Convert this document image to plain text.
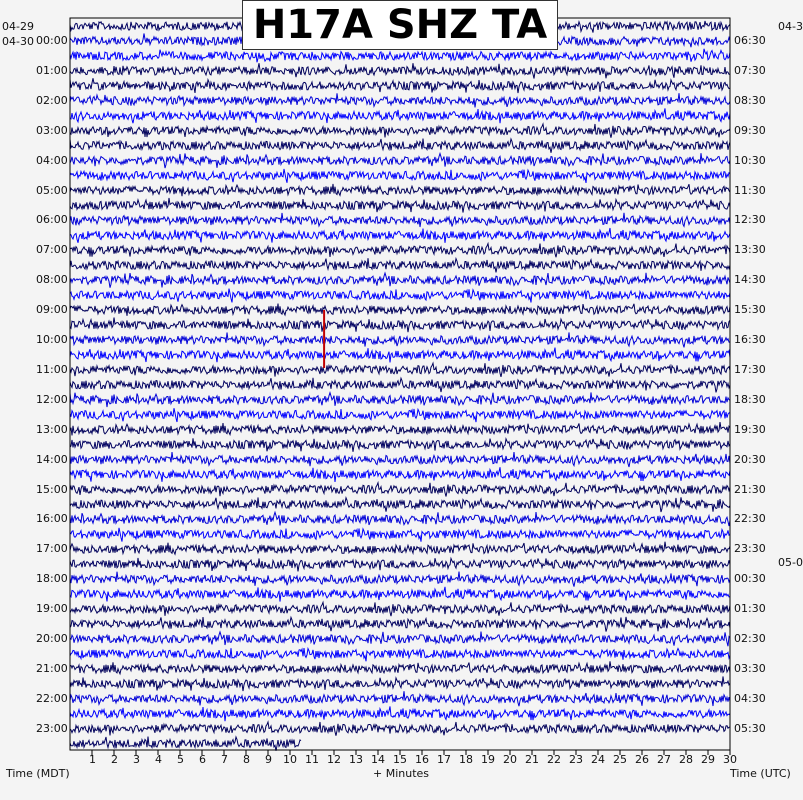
H17A SHZ TA
04-29
04-30
04-3
05-0
00:00
01:00
02:00
03:00
04:00
05:00
06:00
07:00
08:00
09:00
10:00
11:00
12:00
13:00
14:00
15:00
16:00
17:00
18:00
19:00
20:00
21:00
22:00
23:00
06:30
07:30
08:30
09:30
10:30
11:30
12:30
13:30
14:30
15:30
16:30
17:30
18:30
19:30
20:30
21:30
22:30
23:30
00:30
01:30
02:30
03:30
04:30
05:30
1 2 3 4 5 6 7 8 9 10 11 12 13 14 15 16 17 18 19 20 21 22 23 24 25 26 27 28 29 30
Time (MDT)	+ Minutes	Time (UTC)
